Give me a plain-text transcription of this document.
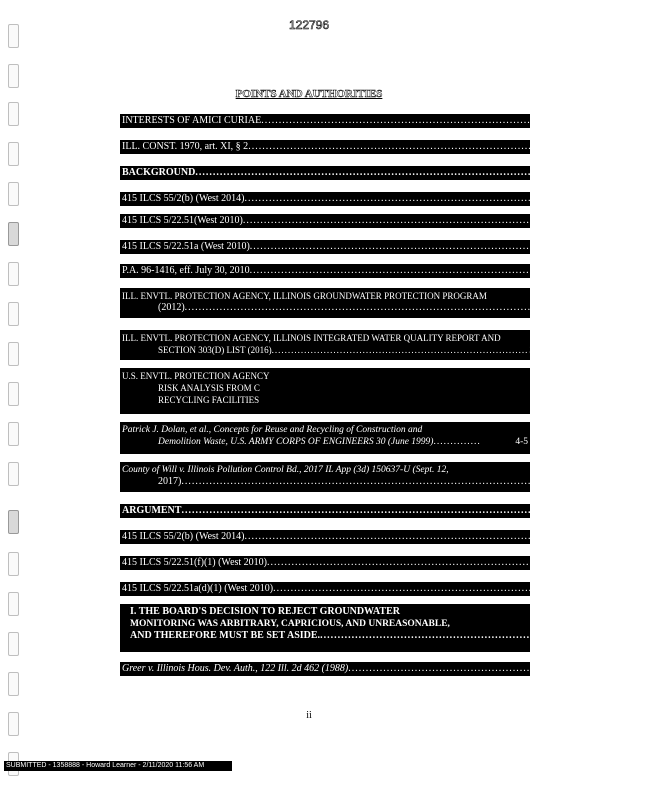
122796
POINTS AND AUTHORITIES
INTERESTS OF AMICI CURIAE ............................................................................................... 1
ILL. CONST. 1970, art. XI, § 2 ........................................................................................................... 1, 2
BACKGROUND .................................................................................................................................. 2
415 ILCS 55/2(b) (West 2014) ................................................................................................ 3-4
415 ILCS 5/22.51(West 2010) ................................................................................................. 4, 5
415 ILCS 5/22.51a (West 2010) .............................................................................................. 4, 5
P.A. 96-1416, eff. July 30, 2010 ............................................................................................... 4
ILL. ENVTL. PROTECTION AGENCY, ILLINOIS GROUNDWATER PROTECTION PROGRAM
(2012) ......................................................................................................... 2-3
ILL. ENVTL. PROTECTION AGENCY, ILLINOIS INTEGRATED WATER QUALITY REPORT AND
SECTION 303(D) LIST (2016) ............................................................................... 3
U.S. ENVTL. PROTECTION AGENCY
RISK ANALYSIS FROM C
RECYCLING FACILITIES
Patrick J. Dolan, et al., Concepts for Reuse and Recycling of Construction and
Demolition Waste, U.S. ARMY CORPS OF ENGINEERS 30 (June 1999) ..............	4-5
County of Will v. Illinois Pollution Control Bd., 2017 IL App (3d) 150637-U (Sept. 12,
2017) .................................................................................................................... 5, 6
ARGUMENT ...................................................................................................................................... 6
415 ILCS 55/2(b) (West 2014) .................................................................................................. 6
415 ILCS 5/22.51(f)(1) (West 2010) ........................................................................................ 6
415 ILCS 5/22.51a(d)(1) (West 2010) ..................................................................................... 6
I. THE BOARD'S DECISION TO REJECT GROUNDWATER
MONITORING WAS ARBITRARY, CAPRICIOUS, AND UNREASONABLE,
AND THEREFORE MUST BE SET ASIDE. ........................................................................ 7
Greer v. Illinois Hous. Dev. Auth., 122 Ill. 2d 462 (1988) .............................................................. 7
ii
SUBMITTED - 1358888 - Howard Learner - 2/11/2020 11:56 AM
